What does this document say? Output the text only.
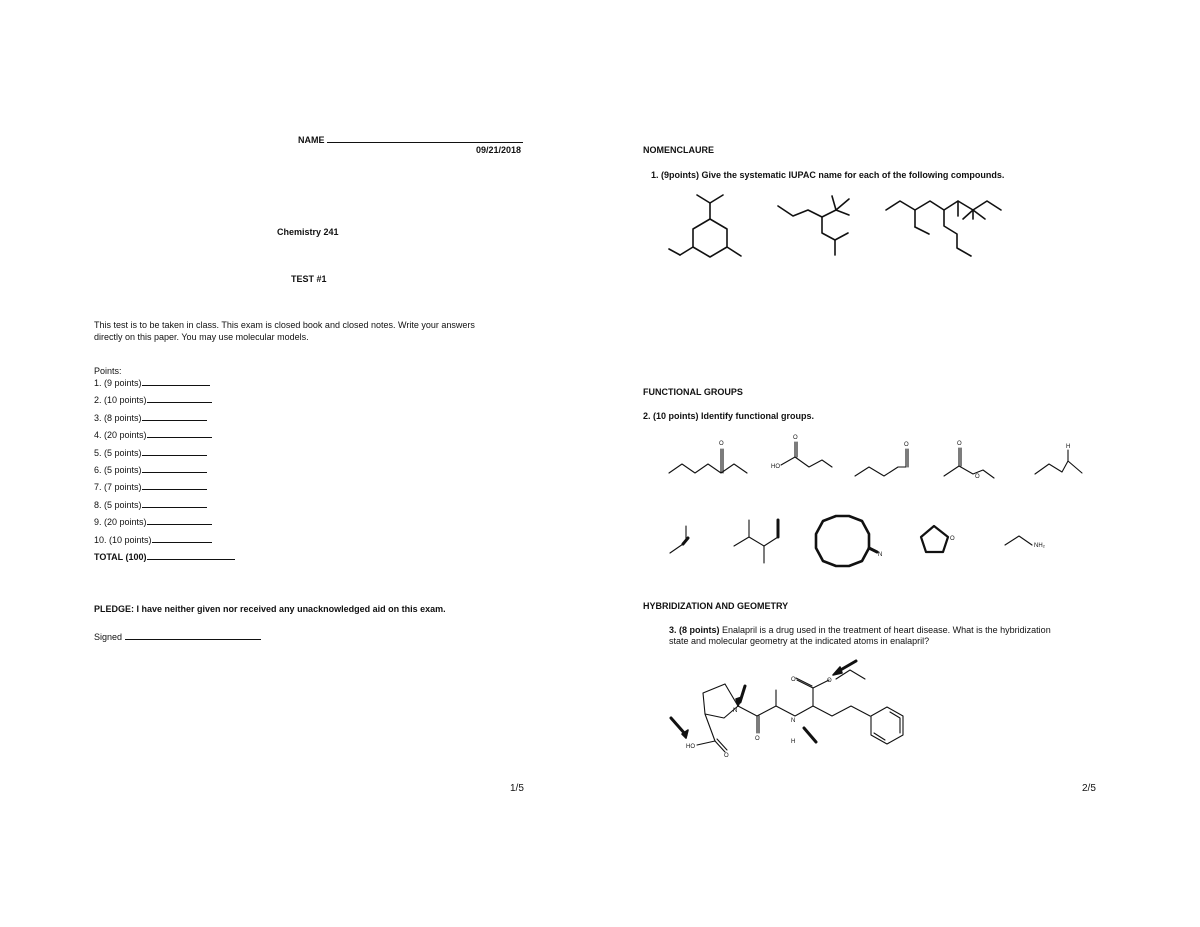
NAME
09/21/2018
Chemistry 241
TEST #1
This test is to be taken in class. This exam is closed book and closed notes. Write your answers
directly on this paper. You may use molecular models.
Points:
1. (9 points)
2. (10 points)
3. (8 points)
4. (20 points)
5. (5 points)
6. (5 points)
7. (7 points)
8. (5 points)
9. (20 points)
10. (10 points)
TOTAL (100)
PLEDGE: I have neither given nor received any unacknowledged aid on this exam.
Signed
1/5
NOMENCLAURE
1. (9points) Give the systematic IUPAC name for each of the following compounds.
FUNCTIONAL GROUPS
2. (10 points) Identify functional groups.
O
HO
O
O	O
O
H
N
O
NH₂
HYBRIDIZATION AND GEOMETRY
3. (8 points) Enalapril is a drug used in the treatment of heart disease. What is the hybridization
state and molecular geometry at the indicated atoms in enalapril?
HO
O
N
O
N
H
O	O
2/5
